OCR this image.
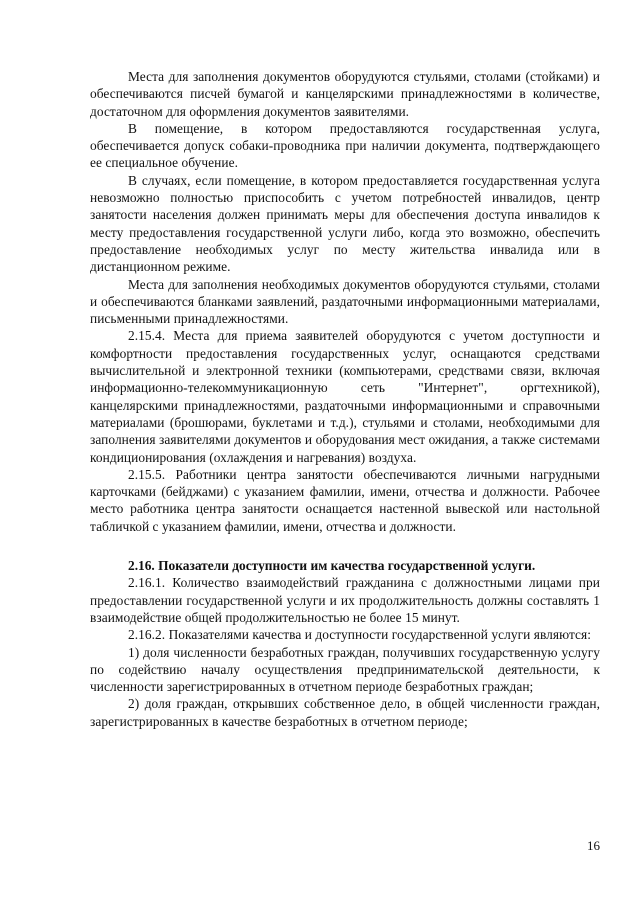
Места для заполнения документов оборудуются стульями, столами (стойками) и обеспечиваются писчей бумагой и канцелярскими принадлежностями в количестве, достаточном для оформления документов заявителями.

В помещение, в котором предоставляются государственная услуга, обеспечивается допуск собаки-проводника при наличии документа, подтверждающего ее специальное обучение.

В случаях, если помещение, в котором предоставляется государственная услуга невозможно полностью приспособить с учетом потребностей инвалидов, центр занятости населения должен принимать меры для обеспечения доступа инвалидов к месту предоставления государственной услуги либо, когда это возможно, обеспечить предоставление необходимых услуг по месту жительства инвалида или в дистанционном режиме.

Места для заполнения необходимых документов оборудуются стульями, столами и обеспечиваются бланками заявлений, раздаточными информационными материалами, письменными принадлежностями.

2.15.4. Места для приема заявителей оборудуются с учетом доступности и комфортности предоставления государственных услуг, оснащаются средствами вычислительной и электронной техники (компьютерами, средствами связи, включая информационно-телекоммуникационную сеть "Интернет", оргтехникой), канцелярскими принадлежностями, раздаточными информационными и справочными материалами (брошюрами, буклетами и т.д.), стульями и столами, необходимыми для заполнения заявителями документов и оборудования мест ожидания, а также системами кондиционирования (охлаждения и нагревания) воздуха.

2.15.5. Работники центра занятости обеспечиваются личными нагрудными карточками (бейджами) с указанием фамилии, имени, отчества и должности. Рабочее место работника центра занятости оснащается настенной вывеской или настольной табличкой с указанием фамилии, имени, отчества и должности.

2.16. Показатели доступности им качества государственной услуги.

2.16.1. Количество взаимодействий гражданина с должностными лицами при предоставлении государственной услуги и их продолжительность должны составлять 1 взаимодействие общей продолжительностью не более 15 минут.

2.16.2. Показателями качества и доступности государственной услуги являются:

1) доля численности безработных граждан, получивших государственную услугу по содействию началу осуществления предпринимательской деятельности, к численности зарегистрированных в отчетном периоде безработных граждан;

2) доля граждан, открывших собственное дело, в общей численности граждан, зарегистрированных в качестве безработных в отчетном периоде;

16
